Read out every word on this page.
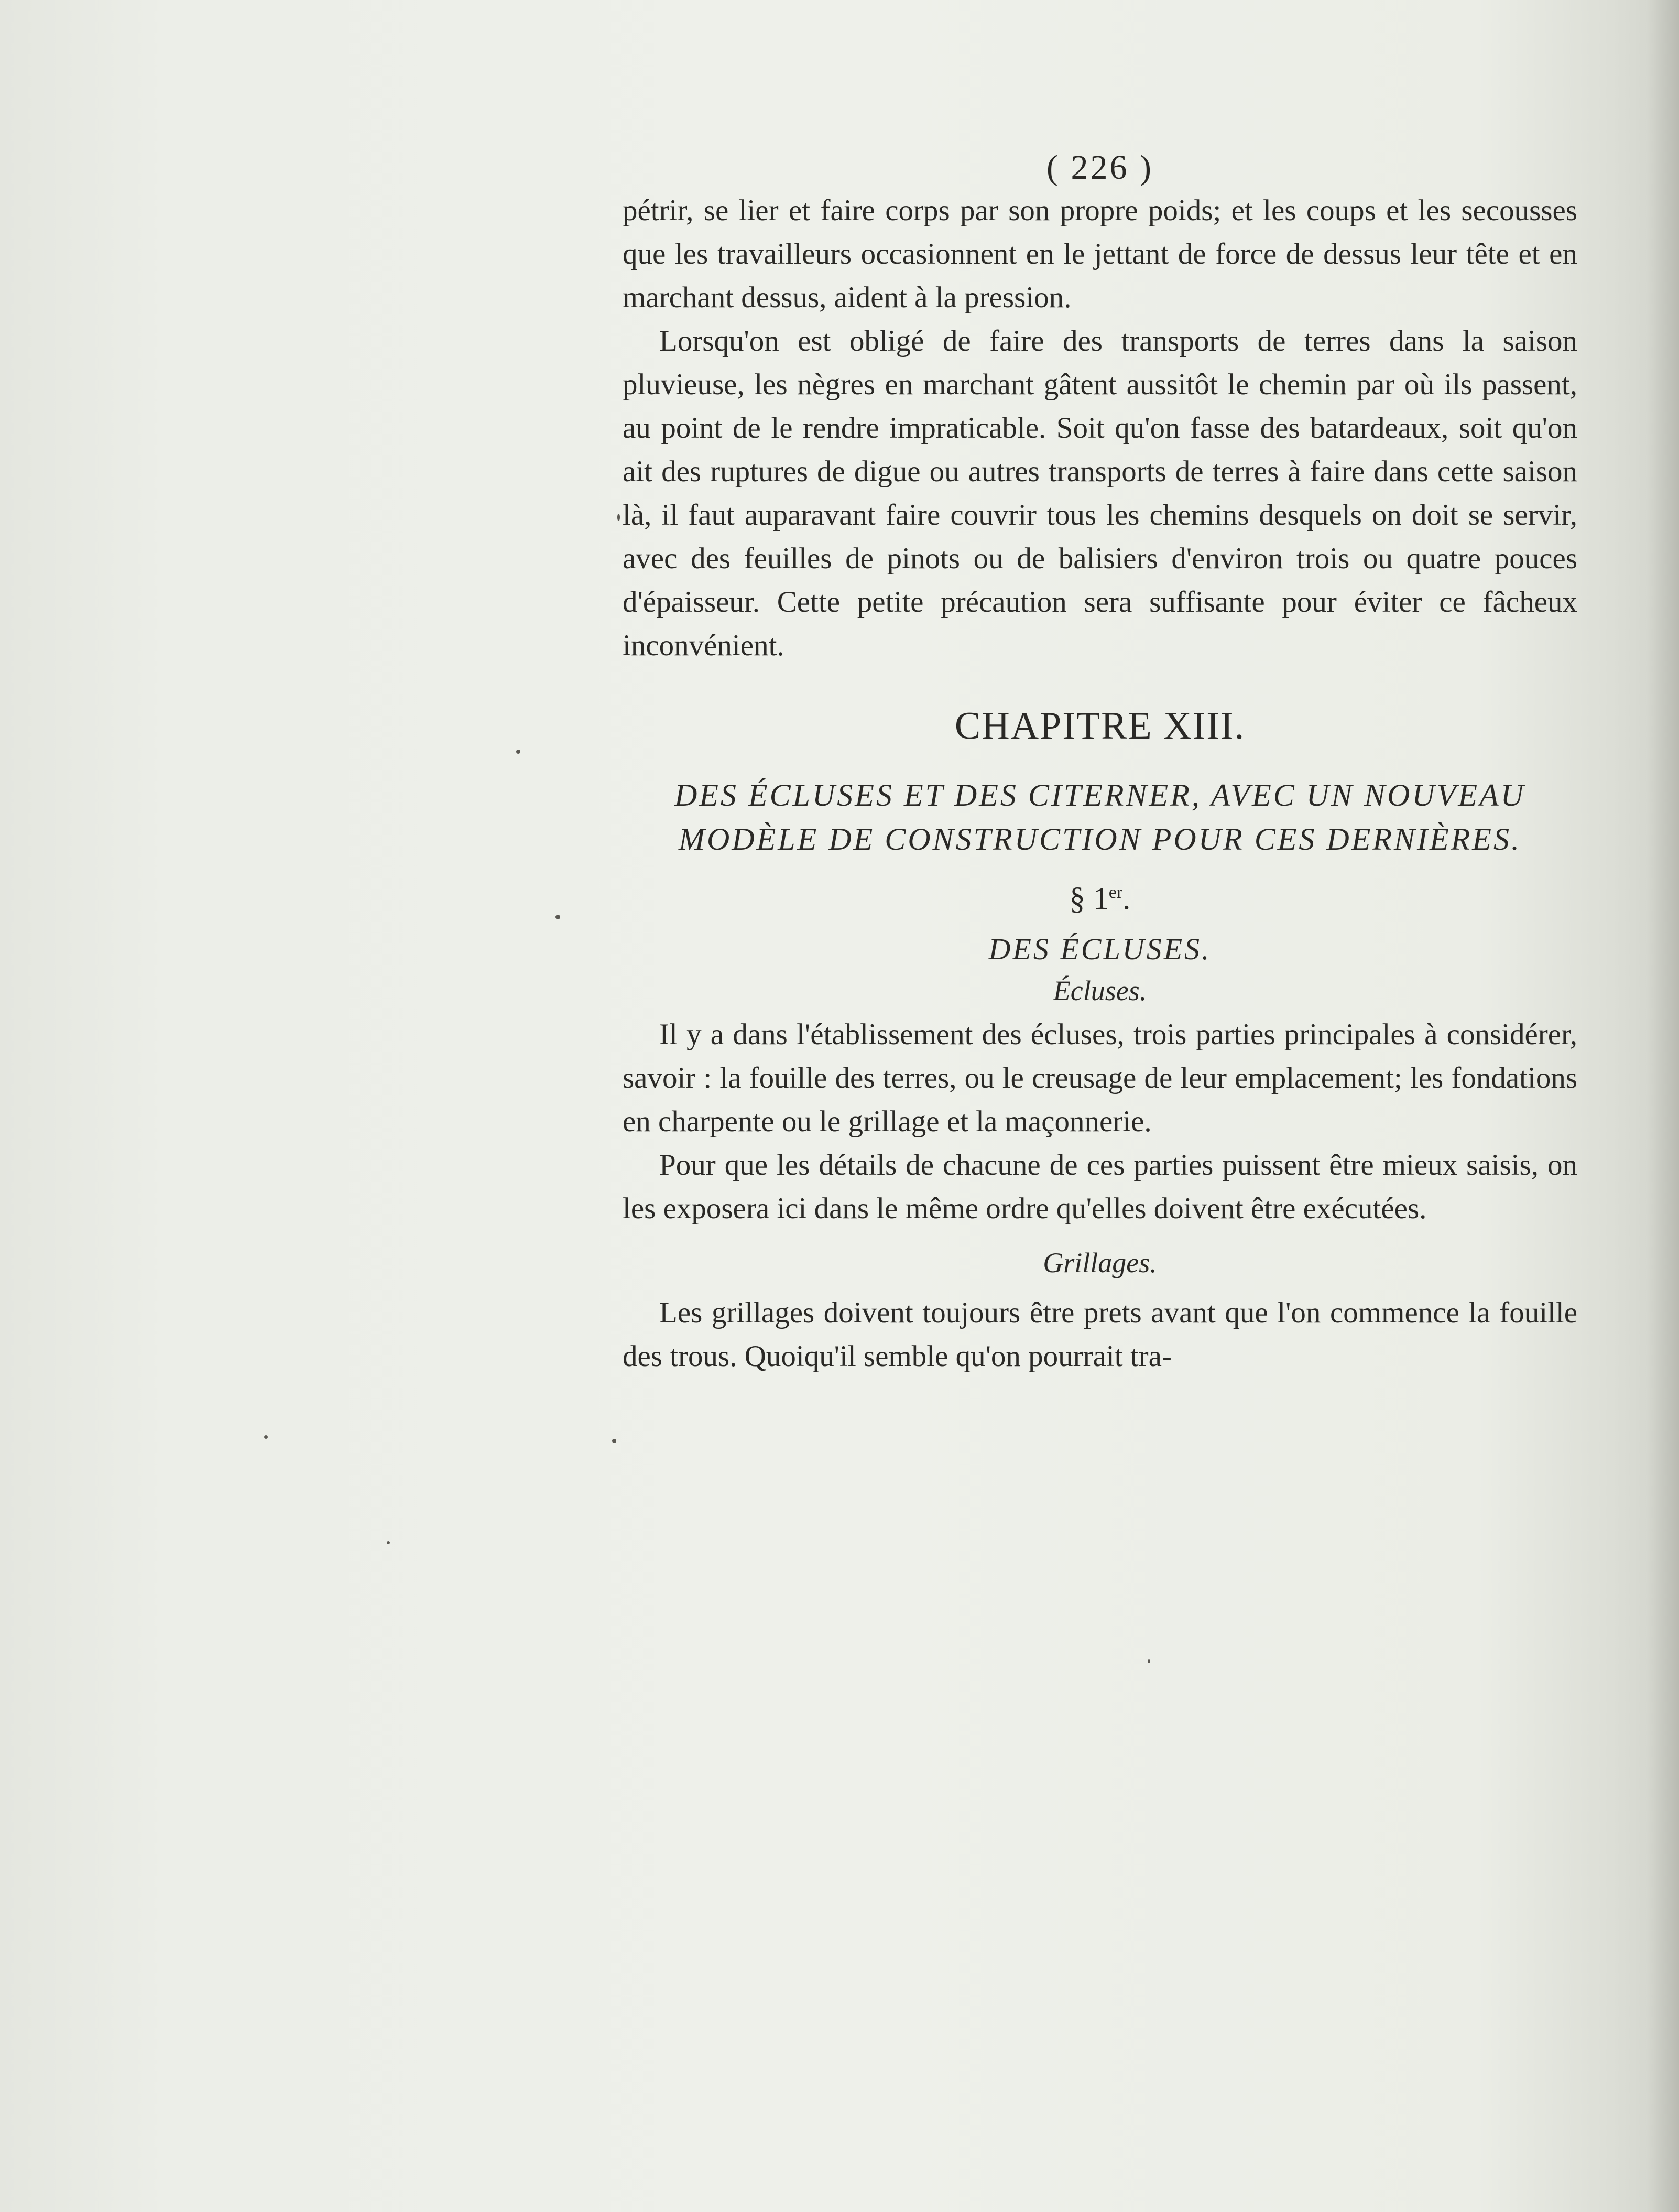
( 226 )

pétrir, se lier et faire corps par son propre poids; et les coups et les secousses que les travailleurs occasionnent en le jettant de force de dessus leur tête et en marchant dessus, aident à la pression.

Lorsqu'on est obligé de faire des transports de terres dans la saison pluvieuse, les nègres en marchant gâtent aussitôt le chemin par où ils passent, au point de le rendre impraticable. Soit qu'on fasse des batardeaux, soit qu'on ait des ruptures de digue ou autres transports de terres à faire dans cette saison là, il faut auparavant faire couvrir tous les chemins desquels on doit se servir, avec des feuilles de pinots ou de balisiers d'environ trois ou quatre pouces d'épaisseur. Cette petite précaution sera suffisante pour éviter ce fâcheux inconvénient.

CHAPITRE XIII.
DES ÉCLUSES ET DES CITERNER, AVEC UN NOUVEAU
MODÈLE DE CONSTRUCTION POUR CES DERNIÈRES.
§ 1er.
DES ÉCLUSES.
Écluses.

Il y a dans l'établissement des écluses, trois parties principales à considérer, savoir : la fouille des terres, ou le creusage de leur emplacement; les fondations en charpente ou le grillage et la maçonnerie.

Pour que les détails de chacune de ces parties puissent être mieux saisis, on les exposera ici dans le même ordre qu'elles doivent être exécutées.

Grillages.

Les grillages doivent toujours être prets avant que l'on commence la fouille des trous. Quoiqu'il semble qu'on pourrait tra-
